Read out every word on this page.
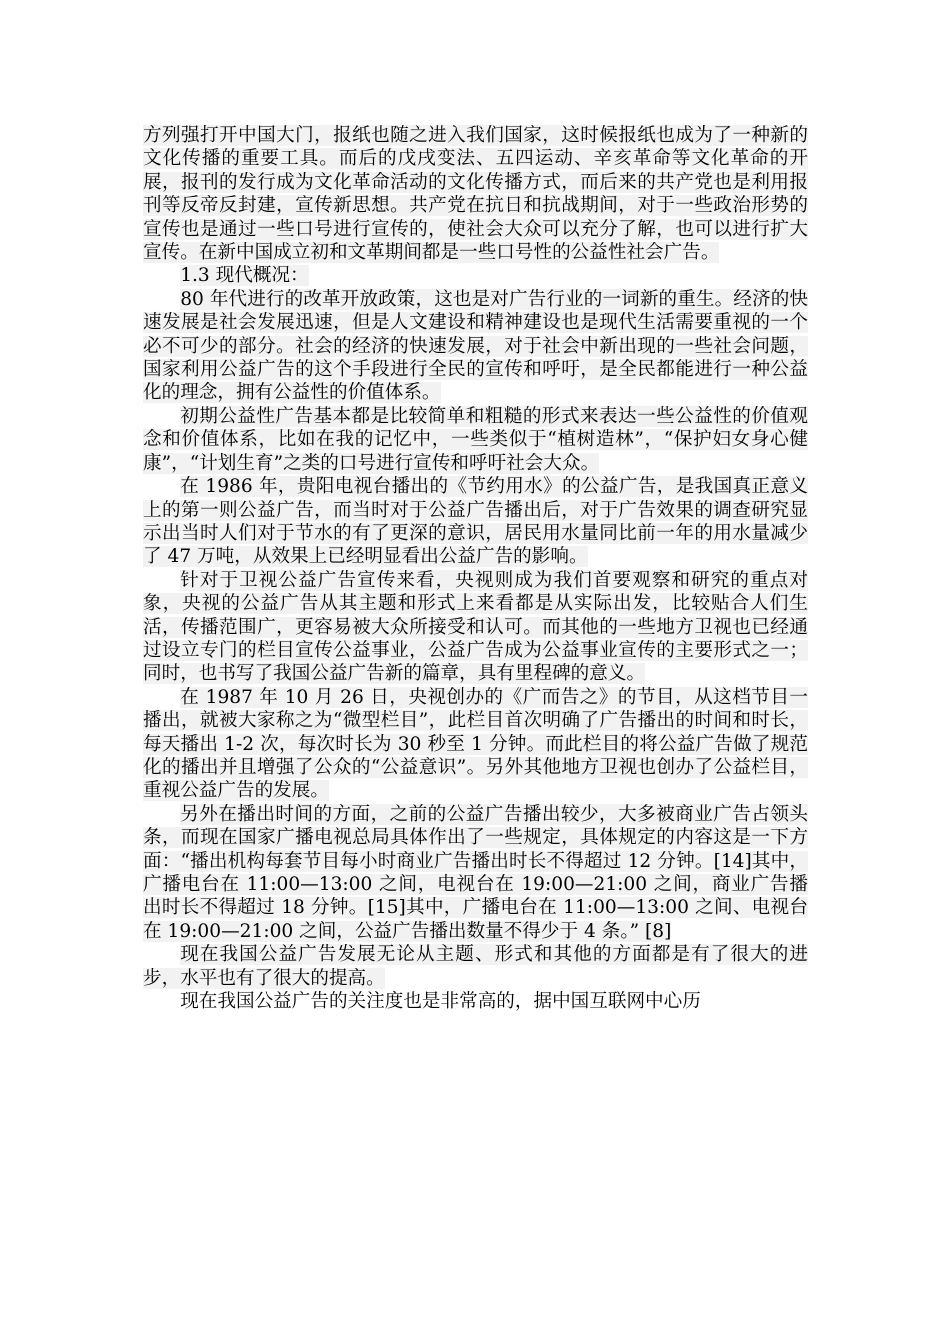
方列强打开中国大门，报纸也随之进入我们国家，这时候报纸也成为了一种新的文化传播的重要工具。而后的戊戌变法、五四运动、辛亥革命等文化革命的开展，报刊的发行成为文化革命活动的文化传播方式，而后来的共产党也是利用报刊等反帝反封建，宣传新思想。共产党在抗日和抗战期间，对于一些政治形势的宣传也是通过一些口号进行宣传的，使社会大众可以充分了解，也可以进行扩大宣传。在新中国成立初和文革期间都是一些口号性的公益性社会广告。

1.3 现代概况：

80 年代进行的改革开放政策，这也是对广告行业的一词新的重生。经济的快速发展是社会发展迅速，但是人文建设和精神建设也是现代生活需要重视的一个必不可少的部分。社会的经济的快速发展，对于社会中新出现的一些社会问题，国家利用公益广告的这个手段进行全民的宣传和呼吁，是全民都能进行一种公益化的理念，拥有公益性的价值体系。

初期公益性广告基本都是比较简单和粗糙的形式来表达一些公益性的价值观念和价值体系，比如在我的记忆中，一些类似于“植树造林”，“保护妇女身心健康”，“计划生育”之类的口号进行宣传和呼吁社会大众。

在 1986 年，贵阳电视台播出的《节约用水》的公益广告，是我国真正意义上的第一则公益广告，而当时对于公益广告播出后，对于广告效果的调查研究显示出当时人们对于节水的有了更深的意识，居民用水量同比前一年的用水量减少了 47 万吨，从效果上已经明显看出公益广告的影响。

针对于卫视公益广告宣传来看，央视则成为我们首要观察和研究的重点对象，央视的公益广告从其主题和形式上来看都是从实际出发，比较贴合人们生活，传播范围广，更容易被大众所接受和认可。而其他的一些地方卫视也已经通过设立专门的栏目宣传公益事业，公益广告成为公益事业宣传的主要形式之一；同时，也书写了我国公益广告新的篇章，具有里程碑的意义。

在 1987 年 10 月 26 日，央视创办的《广而告之》的节目，从这档节目一播出，就被大家称之为“微型栏目”，此栏目首次明确了广告播出的时间和时长，每天播出 1-2 次，每次时长为 30 秒至 1 分钟。而此栏目的将公益广告做了规范化的播出并且增强了公众的“公益意识”。另外其他地方卫视也创办了公益栏目，重视公益广告的发展。

另外在播出时间的方面，之前的公益广告播出较少，大多被商业广告占领头条，而现在国家广播电视总局具体作出了一些规定，具体规定的内容这是一下方面：“播出机构每套节目每小时商业广告播出时长不得超过 12 分钟。[14]其中，广播电台在 11:00—13:00 之间，电视台在 19:00—21:00 之间，商业广告播出时长不得超过 18 分钟。[15]其中，广播电台在 11:00—13:00 之间、电视台在 19:00—21:00 之间，公益广告播出数量不得少于 4 条。” [8]

现在我国公益广告发展无论从主题、形式和其他的方面都是有了很大的进步，水平也有了很大的提高。

现在我国公益广告的关注度也是非常高的，据中国互联网中心历
